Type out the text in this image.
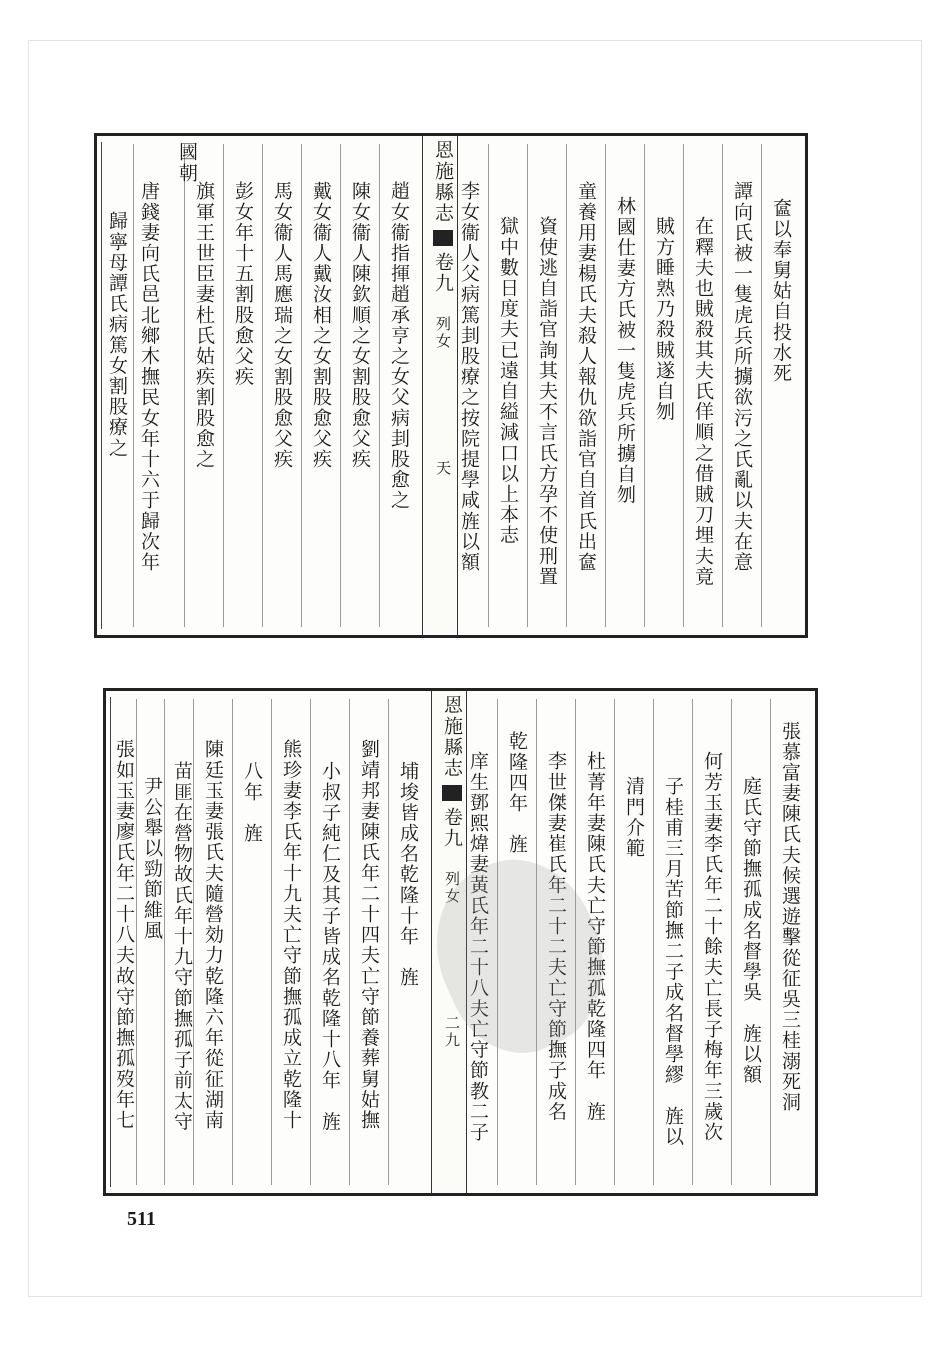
奩以奉舅姑自投水死
譚向氏被一隻虎兵所擄欲污之氏亂以夫在意
在釋夫也賊殺其夫氏佯順之借賊刀埋夫竟
賊方睡熟乃殺賊遂自刎
林國仕妻方氏被一隻虎兵所擄自刎
童養用妻楊氏夫殺人報仇欲詣官自首氏出奩
資使逃自詣官詢其夫不言氏方孕不使刑置
獄中數日度夫已遠自縊減口以上本志
李女衞人父病篤刲股療之按院提學咸旌以額
恩施縣志卷九列女天
趙女衞指揮趙承亨之女父病刲股愈之
陳女衞人陳欽順之女割股愈父疾
戴女衞人戴汝相之女割股愈父疾
馬女衞人馬應瑞之女割股愈父疾
彭女年十五割股愈父疾
旗軍王世臣妻杜氏姑疾割股愈之
國朝
唐錢妻向氏邑北鄉木撫民女年十六于歸次年
歸寧母譚氏病篤女割股療之
張慕富妻陳氏夫候選遊擊從征吳三桂溺死洞
庭氏守節撫孤成名督學吳　旌以額
何芳玉妻李氏年二十餘夫亡長子梅年三歲次
子桂甫三月苦節撫二子成名督學繆　旌以
清門介範
杜菁年妻陳氏夫亡守節撫孤乾隆四年　旌
李世傑妻崔氏年二十二夫亡守節撫子成名
乾隆四年　旌
庠生鄧熙煒妻黃氏年二十八夫亡守節教二子
恩施縣志卷九列女二九
埔埈皆成名乾隆十年　旌
劉靖邦妻陳氏年二十四夫亡守節養葬舅姑撫
小叔子純仁及其子皆成名乾隆十八年　旌
熊珍妻李氏年十九夫亡守節撫孤成立乾隆十
八年　旌
陳廷玉妻張氏夫隨營効力乾隆六年從征湖南
苗匪在營物故氏年十九守節撫孤子前太守
尹公舉以勁節維風
張如玉妻廖氏年二十八夫故守節撫孤歿年七
511
